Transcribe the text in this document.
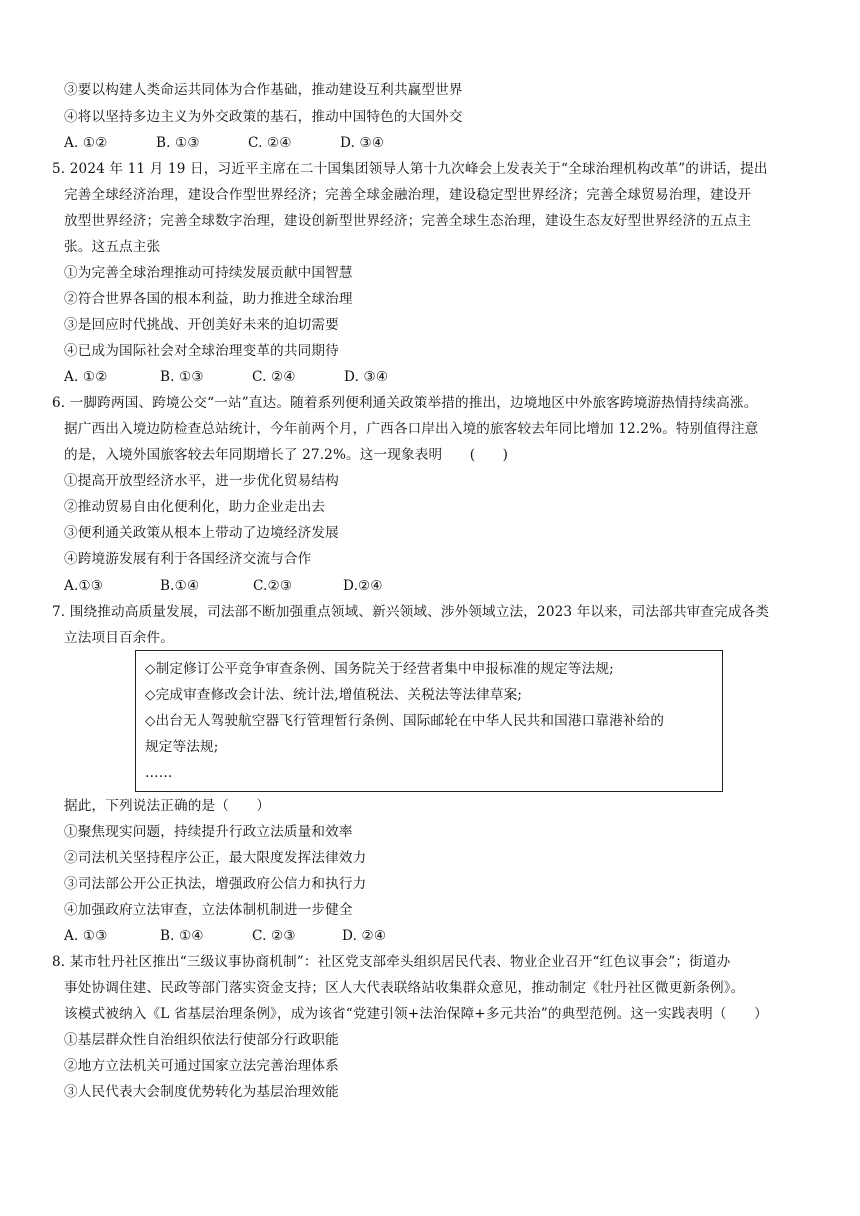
③要以构建人类命运共同体为合作基础，推动建设互利共赢型世界
④将以坚持多边主义为外交政策的基石，推动中国特色的大国外交
A. ①②	B. ①③	C. ②④	D. ③④
5. 2024 年 11 月 19 日，习近平主席在二十国集团领导人第十九次峰会上发表关于“全球治理机构改革”的讲话，提出
完善全球经济治理，建设合作型世界经济；完善全球金融治理，建设稳定型世界经济；完善全球贸易治理，建设开
放型世界经济；完善全球数字治理，建设创新型世界经济；完善全球生态治理，建设生态友好型世界经济的五点主
张。这五点主张
①为完善全球治理推动可持续发展贡献中国智慧
②符合世界各国的根本利益，助力推进全球治理
③是回应时代挑战、开创美好未来的迫切需要
④已成为国际社会对全球治理变革的共同期待
A. ①②	B. ①③	C. ②④	D. ③④
6. 一脚跨两国、跨境公交“一站”直达。随着系列便利通关政策举措的推出，边境地区中外旅客跨境游热情持续高涨。
据广西出入境边防检查总站统计，今年前两个月，广西各口岸出入境的旅客较去年同比增加 12.2%。特别值得注意
的是，入境外国旅客较去年同期增长了 27.2%。这一现象表明　　(　　)
①提高开放型经济水平，进一步优化贸易结构
②推动贸易自由化便利化，助力企业走出去
③便利通关政策从根本上带动了边境经济发展
④跨境游发展有利于各国经济交流与合作
A.①③	B.①④	C.②③	D.②④
7. 围绕推动高质量发展，司法部不断加强重点领域、新兴领域、涉外领域立法，2023 年以来，司法部共审查完成各类
立法项目百余件。
◇制定修订公平竞争审查条例、国务院关于经营者集中申报标准的规定等法规;
◇完成审查修改会计法、统计法,增值税法、关税法等法律草案;
◇出台无人驾驶航空器飞行管理暂行条例、国际邮轮在中华人民共和国港口靠港补给的
规定等法规;
……
据此，下列说法正确的是（　　）
①聚焦现实问题，持续提升行政立法质量和效率
②司法机关坚持程序公正，最大限度发挥法律效力
③司法部公开公正执法，增强政府公信力和执行力
④加强政府立法审查，立法体制机制进一步健全
A. ①③	B. ①④	C. ②③	D. ②④
8. 某市牡丹社区推出“三级议事协商机制”：社区党支部牵头组织居民代表、物业企业召开“红色议事会”；街道办
事处协调住建、民政等部门落实资金支持；区人大代表联络站收集群众意见，推动制定《牡丹社区微更新条例》。
该模式被纳入《L 省基层治理条例》，成为该省“党建引领+法治保障+多元共治”的典型范例。这一实践表明（　　）
①基层群众性自治组织依法行使部分行政职能
②地方立法机关可通过国家立法完善治理体系
③人民代表大会制度优势转化为基层治理效能
